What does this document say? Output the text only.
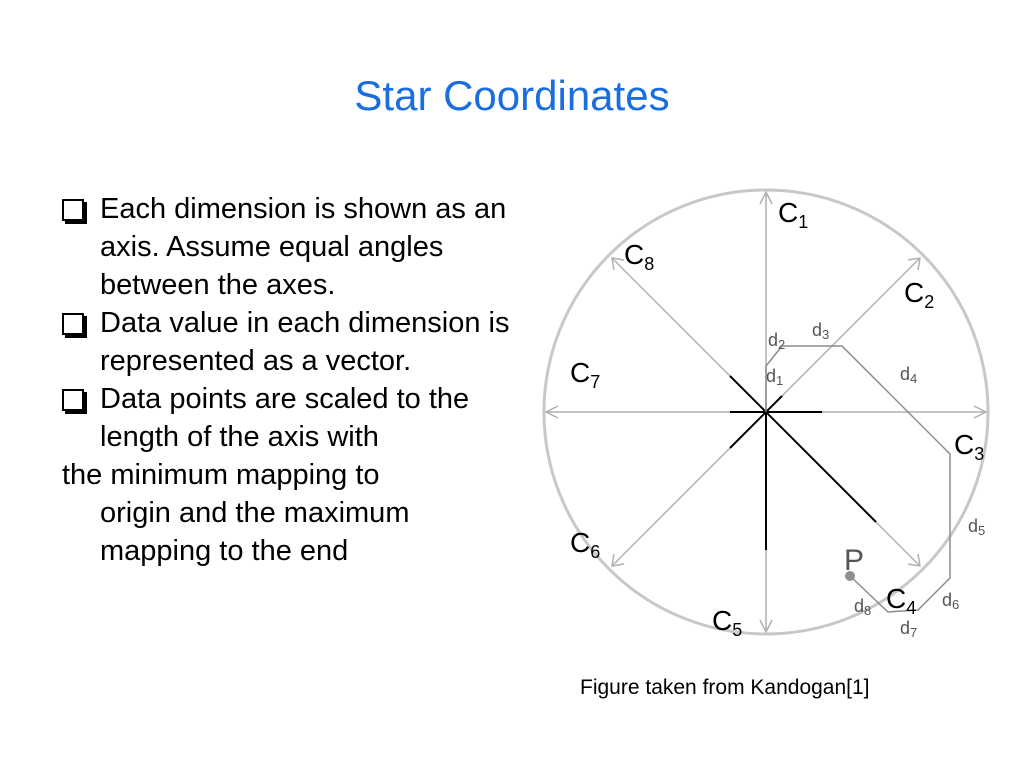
Star Coordinates
Each dimension is shown as an axis. Assume equal angles between the axes.
Data value in each dimension is represented as a vector.
Data points are scaled to the length of the axis with
the minimum mapping to
origin and the maximum
mapping to the end
$C_1$
$C_2$
$C_3$
$C_4$
$C_5$
$C_6$
$C_7$
$C_8$
d1
d2
d3
d4
d5
d6
d7
d8
P
Figure taken from Kandogan[1]
